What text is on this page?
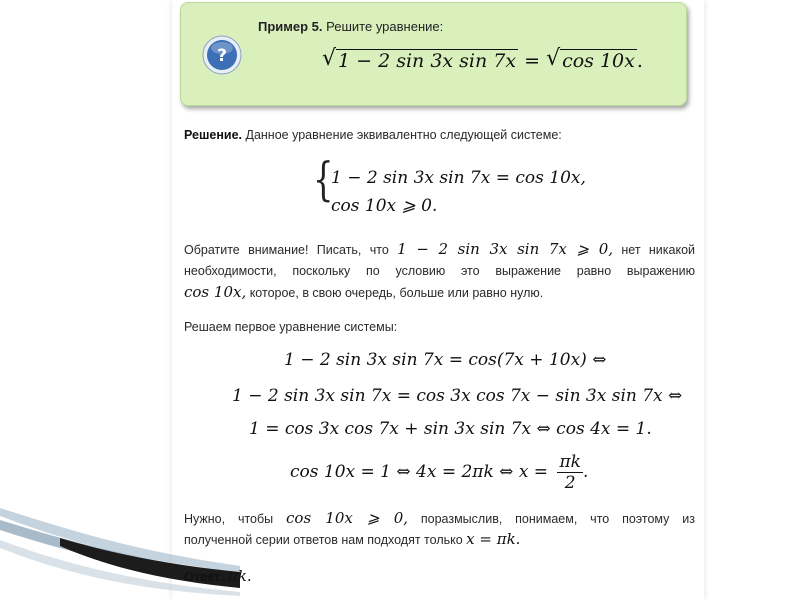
?
Пример 5. Решите уравнение:
√ 1 − 2 sin 3x sin 7x = √ cos 10x .
Решение. Данное уравнение эквивалентно следующей системе:
{
1 − 2 sin 3x sin 7x = cos 10x,
cos 10x ⩾ 0.
Обратите внимание! Писать, что 1 − 2 sin 3x sin 7x ⩾ 0, нет никакой
необходимости, поскольку по условию это выражение равно выражению
cos 10x, которое, в свою очередь, больше или равно нулю.
Решаем первое уравнение системы:
1 − 2 sin 3x sin 7x = cos(7x + 10x) ⇔
1 − 2 sin 3x sin 7x = cos 3x cos 7x − sin 3x sin 7x ⇔
1 = cos 3x cos 7x + sin 3x sin 7x ⇔ cos 4x = 1.
cos 10x = 1 ⇔ 4x = 2πk ⇔ $x = \frac{\pi k}{2}$ .
Нужно, чтобы cos 10x ⩾ 0, поразмыслив, понимаем, что поэтому из
полученной серии ответов нам подходят только x = πk.
Ответ: πk.
